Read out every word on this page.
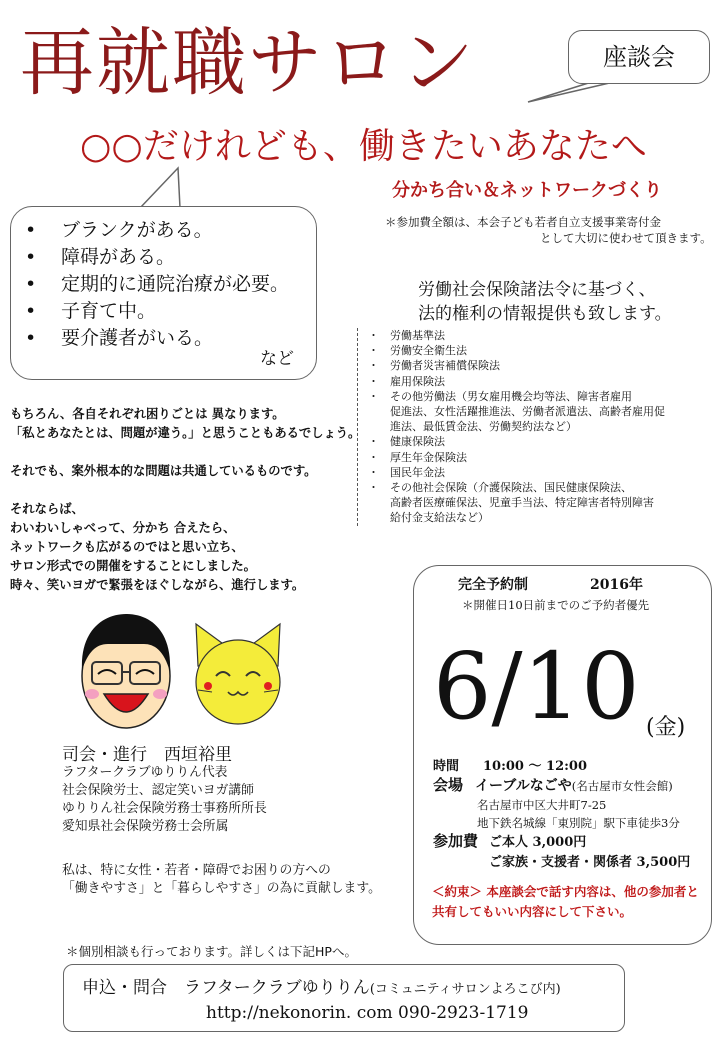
再就職サロン	座談会
○○だけれども、働きたいあなたへ
分かち合い＆ネットワークづくり
＊参加費全額は、本会子ども若者自立支援事業寄付金
として大切に使わせて頂きます。
• ブランクがある。
• 障碍がある。
• 定期的に通院治療が必要。
• 子育て中。
• 要介護者がいる。
など
労働社会保険諸法令に基づく、
法的権利の情報提供も致します。
・　労働基準法
・　労働安全衛生法
・　労働者災害補償保険法
・　雇用保険法
・　その他労働法（男女雇用機会均等法、障害者雇用
　　促進法、女性活躍推進法、労働者派遣法、高齢者雇用促
　　進法、最低賃金法、労働契約法など）
・　健康保険法
・　厚生年金保険法
・　国民年金法
・　その他社会保険（介護保険法、国民健康保険法、
　　高齢者医療確保法、児童手当法、特定障害者特別障害
　　給付金支給法など）

もちろん、各自それぞれ困りごとは 異なります。
「私とあなたとは、問題が違う。」と思うこともあるでしょう。

それでも、案外根本的な問題は共通しているものです。

それならば、
わいわいしゃべって、分かち 合えたら、
ネットワークも広がるのではと思い立ち、
サロン形式での開催をすることにしました。
時々、笑いヨガで緊張をほぐしながら、進行します。

司会・進行　西垣裕里
ラフタークラブゆりりん代表
社会保険労士、認定笑いヨガ講師
ゆりりん社会保険労務士事務所所長
愛知県社会保険労務士会所属
私は、特に女性・若者・障碍でお困りの方への
「働きやすさ」と「暮らしやすさ」の為に貢献します。
完全予約制	2016年
＊開催日10日前までのご予約者優先
6/10 (金)
時間 10:00 ～ 12:00
会場 イーブルなごや(名古屋市女性会館)
名古屋市中区大井町7-25
地下鉄名城線「東別院」駅下車徒歩3分
参加費 ご本人 3,000円
ご家族・支援者・関係者 3,500円
＜約束＞ 本座談会で話す内容は、他の参加者と共有してもいい内容にして下さい。
＊個別相談も行っております。詳しくは下記HPへ。
申込・問合　ラフタークラブゆりりん(コミュニティサロンよろこび内)
http://nekonorin. com 090-2923-1719
